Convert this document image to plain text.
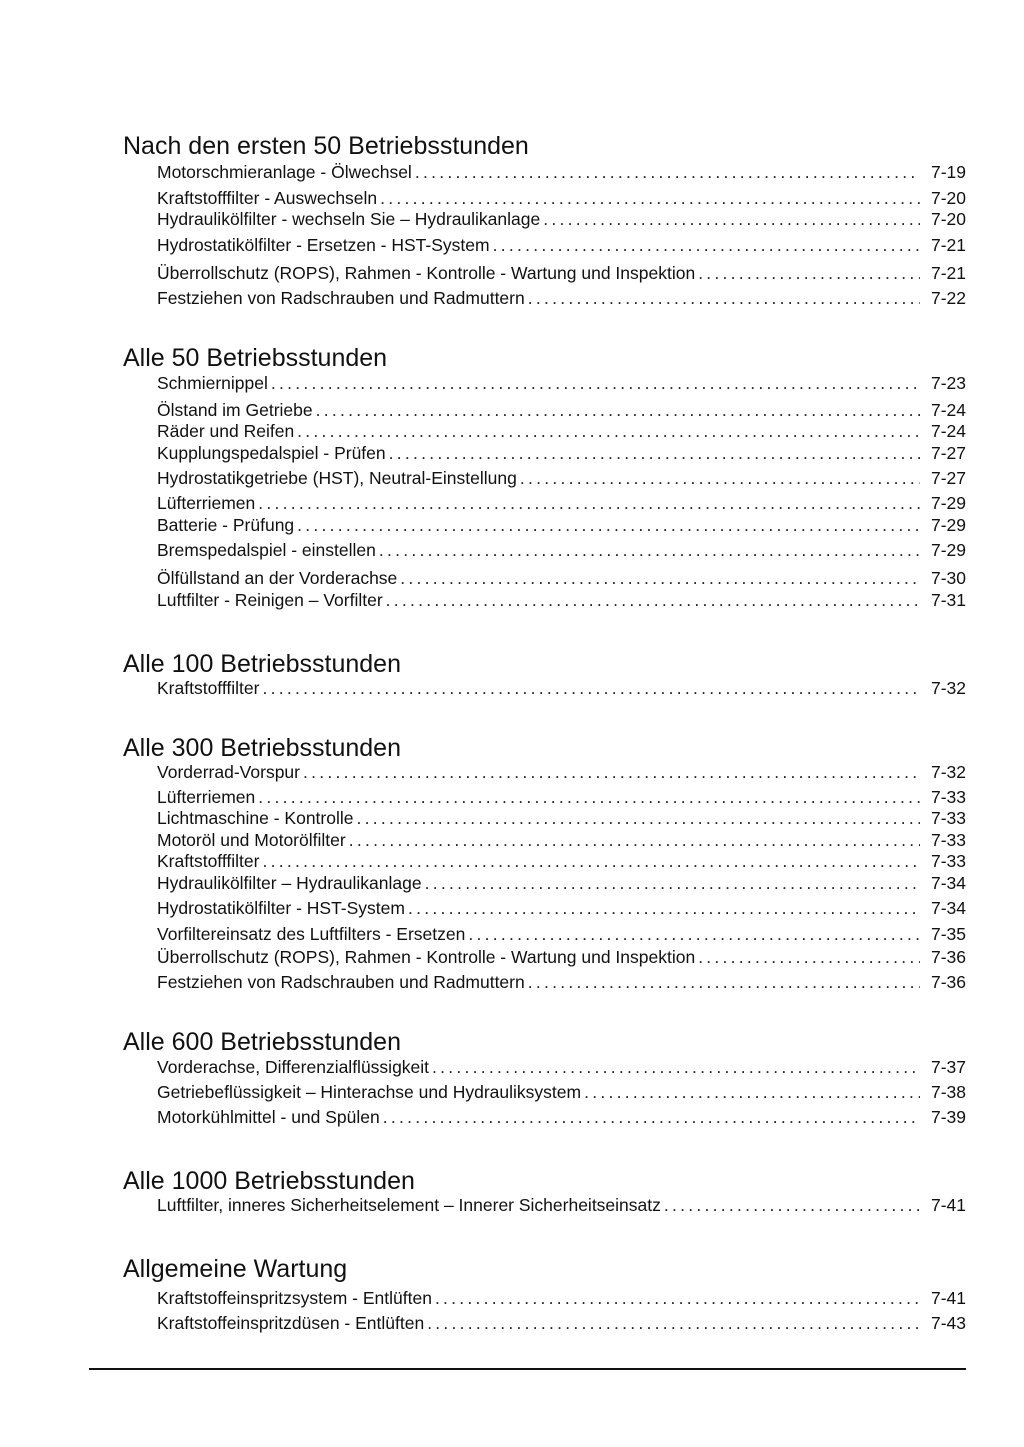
Nach den ersten 50 Betriebsstunden
Motorschmieranlage - Ölwechsel . . .	7-19
Kraftstofffilter - Auswechseln . . .	7-20
Hydraulikölfilter - wechseln Sie – Hydraulikanlage . . .	7-20
Hydrostatikölfilter - Ersetzen - HST-System . . .	7-21
Überrollschutz (ROPS), Rahmen - Kontrolle - Wartung und Inspektion . . .	7-21
Festziehen von Radschrauben und Radmuttern . . .	7-22
Alle 50 Betriebsstunden
Schmiernippel . . .	7-23
Ölstand im Getriebe . . .	7-24
Räder und Reifen . . .	7-24
Kupplungspedalspiel - Prüfen . . .	7-27
Hydrostatikgetriebe (HST), Neutral-Einstellung . . .	7-27
Lüfterriemen . . .	7-29
Batterie - Prüfung . . .	7-29
Bremspedalspiel - einstellen . . .	7-29
Ölfüllstand an der Vorderachse . . .	7-30
Luftfilter - Reinigen – Vorfilter . . .	7-31
Alle 100 Betriebsstunden
Kraftstofffilter . . .	7-32
Alle 300 Betriebsstunden
Vorderrad-Vorspur . . .	7-32
Lüfterriemen . . .	7-33
Lichtmaschine - Kontrolle . . .	7-33
Motoröl und Motorölfilter . . .	7-33
Kraftstofffilter . . .	7-33
Hydraulikölfilter – Hydraulikanlage . . .	7-34
Hydrostatikölfilter - HST-System . . .	7-34
Vorfiltereinsatz des Luftfilters - Ersetzen . . .	7-35
Überrollschutz (ROPS), Rahmen - Kontrolle - Wartung und Inspektion . . .	7-36
Festziehen von Radschrauben und Radmuttern . . .	7-36
Alle 600 Betriebsstunden
Vorderachse, Differenzialflüssigkeit . . .	7-37
Getriebeflüssigkeit – Hinterachse und Hydrauliksystem . . .	7-38
Motorkühlmittel - und Spülen . . .	7-39
Alle 1000 Betriebsstunden
Luftfilter, inneres Sicherheitselement – Innerer Sicherheitseinsatz . . .	7-41
Allgemeine Wartung
Kraftstoffeinspritzsystem - Entlüften . . .	7-41
Kraftstoffeinspritzdüsen - Entlüften . . .	7-43
